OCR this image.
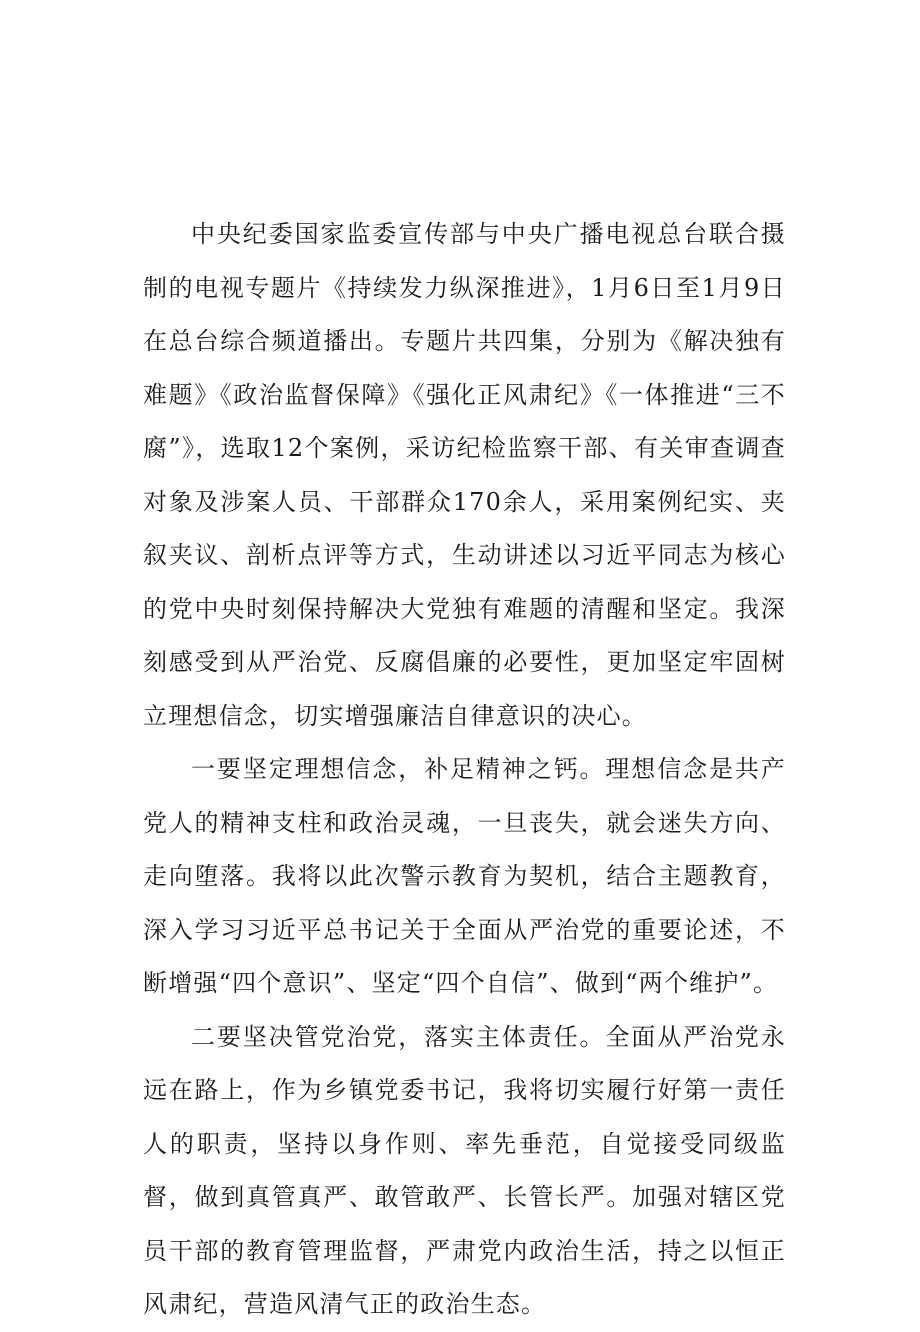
中央纪委国家监委宣传部与中央广播电视总台联合摄制的电视专题片《持续发力纵深推进》，1月6日至1月9日在总台综合频道播出。专题片共四集，分别为《解决独有难题》《政治监督保障》《强化正风肃纪》《一体推进“三不腐”》，选取12个案例，采访纪检监察干部、有关审查调查对象及涉案人员、干部群众170余人，采用案例纪实、夹叙夹议、剖析点评等方式，生动讲述以习近平同志为核心的党中央时刻保持解决大党独有难题的清醒和坚定。我深刻感受到从严治党、反腐倡廉的必要性，更加坚定牢固树立理想信念，切实增强廉洁自律意识的决心。

一要坚定理想信念，补足精神之钙。理想信念是共产党人的精神支柱和政治灵魂，一旦丧失，就会迷失方向、走向堕落。我将以此次警示教育为契机，结合主题教育，深入学习习近平总书记关于全面从严治党的重要论述，不断增强“四个意识”、坚定“四个自信”、做到“两个维护”。

二要坚决管党治党，落实主体责任。全面从严治党永远在路上，作为乡镇党委书记，我将切实履行好第一责任人的职责，坚持以身作则、率先垂范，自觉接受同级监督，做到真管真严、敢管敢严、长管长严。加强对辖区党员干部的教育管理监督，严肃党内政治生活，持之以恒正风肃纪，营造风清气正的政治生态。
